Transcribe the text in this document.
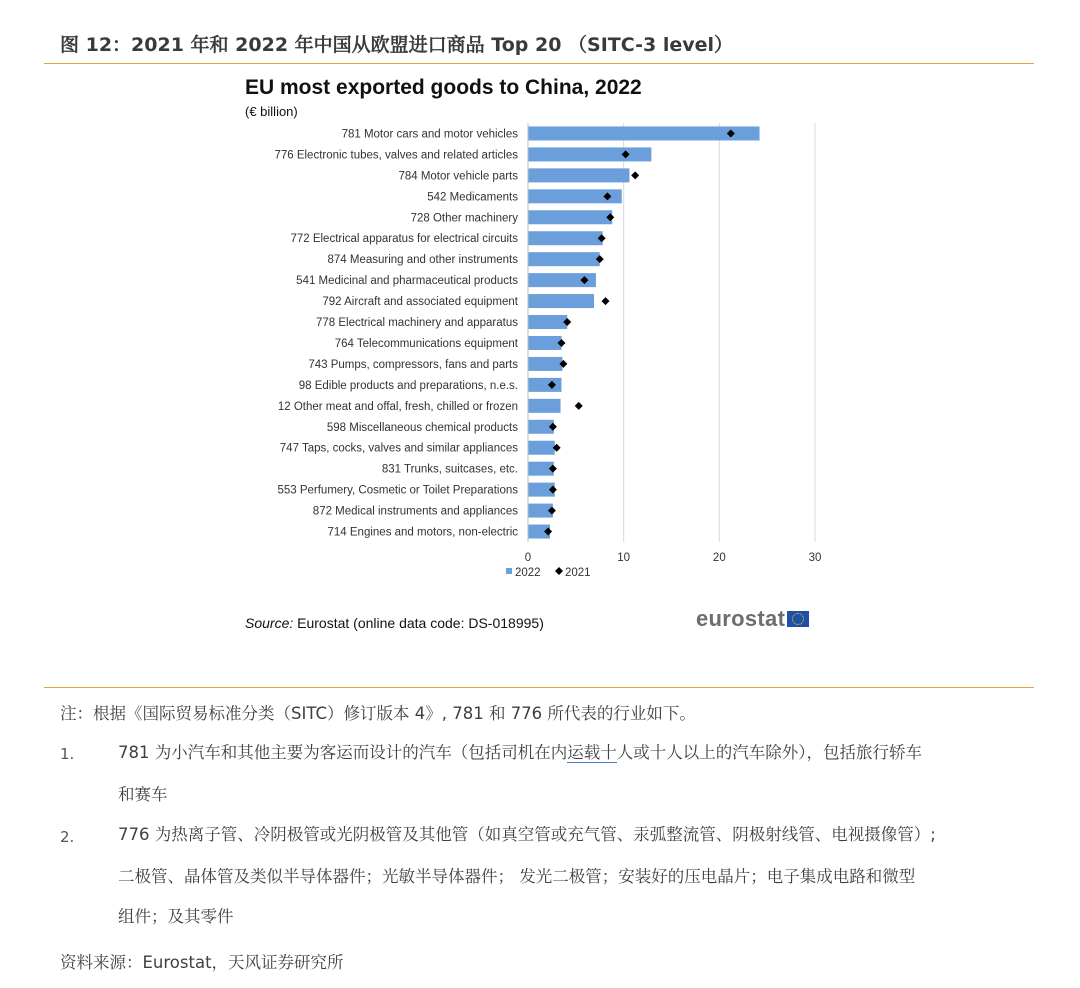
图 12：2021 年和 2022 年中国从欧盟进口商品 Top 20 （SITC-3 level）
EU most exported goods to China, 2022
(€ billion)
781 Motor cars and motor vehicles
776 Electronic tubes, valves and related articles
784 Motor vehicle parts
542 Medicaments
728 Other machinery
772 Electrical apparatus for electrical circuits
874 Measuring and other instruments
541 Medicinal and pharmaceutical products
792 Aircraft and associated equipment
778 Electrical machinery and apparatus
764 Telecommunications equipment
743 Pumps, compressors, fans and parts
98 Edible products and preparations, n.e.s.
12 Other meat and offal, fresh, chilled or frozen
598 Miscellaneous chemical products
747 Taps, cocks, valves and similar appliances
831 Trunks, suitcases, etc.
553 Perfumery, Cosmetic or Toilet Preparations
872 Medical instruments and appliances
714 Engines and motors, non-electric
0	10	20	30
2022 2021
Source: Eurostat (online data code: DS-018995)	eurostat
注：根据《国际贸易标准分类（SITC）修订版本 4》, 781 和 776 所代表的行业如下。
1.	781 为小汽车和其他主要为客运而设计的汽车（包括司机在内运载十人或十人以上的汽车除外），包括旅行轿车
和赛车
2.	776 为热离子管、冷阴极管或光阴极管及其他管（如真空管或充气管、汞弧整流管、阴极射线管、电视摄像管）;
二极管、晶体管及类似半导体器件；光敏半导体器件； 发光二极管；安装好的压电晶片；电子集成电路和微型
组件；及其零件
资料来源：Eurostat，天风证券研究所
